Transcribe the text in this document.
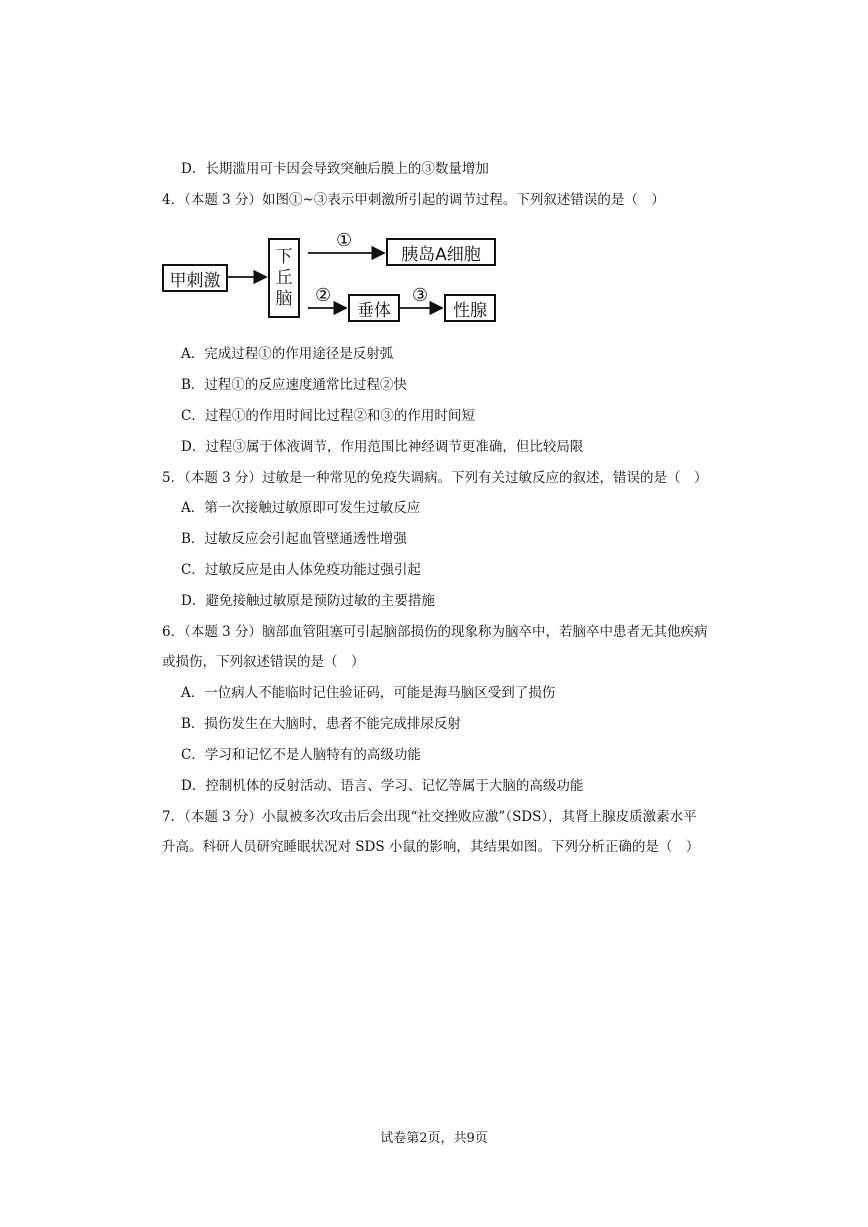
D．长期滥用可卡因会导致突触后膜上的③数量增加
4．（本题 3 分）如图①~③表示甲刺激所引起的调节过程。下列叙述错误的是（　）
甲刺激
下
丘
脑
①
胰岛A细胞
②
垂体
③
性腺
A．完成过程①的作用途径是反射弧
B．过程①的反应速度通常比过程②快
C．过程①的作用时间比过程②和③的作用时间短
D．过程③属于体液调节，作用范围比神经调节更准确，但比较局限
5．（本题 3 分）过敏是一种常见的免疫失调病。下列有关过敏反应的叙述，错误的是（　）
A．第一次接触过敏原即可发生过敏反应
B．过敏反应会引起血管壁通透性增强
C．过敏反应是由人体免疫功能过强引起
D．避免接触过敏原是预防过敏的主要措施
6．（本题 3 分）脑部血管阻塞可引起脑部损伤的现象称为脑卒中，若脑卒中患者无其他疾病
或损伤，下列叙述错误的是（　）
A．一位病人不能临时记住验证码，可能是海马脑区受到了损伤
B．损伤发生在大脑时，患者不能完成排尿反射
C．学习和记忆不是人脑特有的高级功能
D．控制机体的反射活动、语言、学习、记忆等属于大脑的高级功能
7．（本题 3 分）小鼠被多次攻击后会出现“社交挫败应激”（SDS），其肾上腺皮质激素水平
升高。科研人员研究睡眠状况对 SDS 小鼠的影响，其结果如图。下列分析正确的是（　）
试卷第2页，共9页
